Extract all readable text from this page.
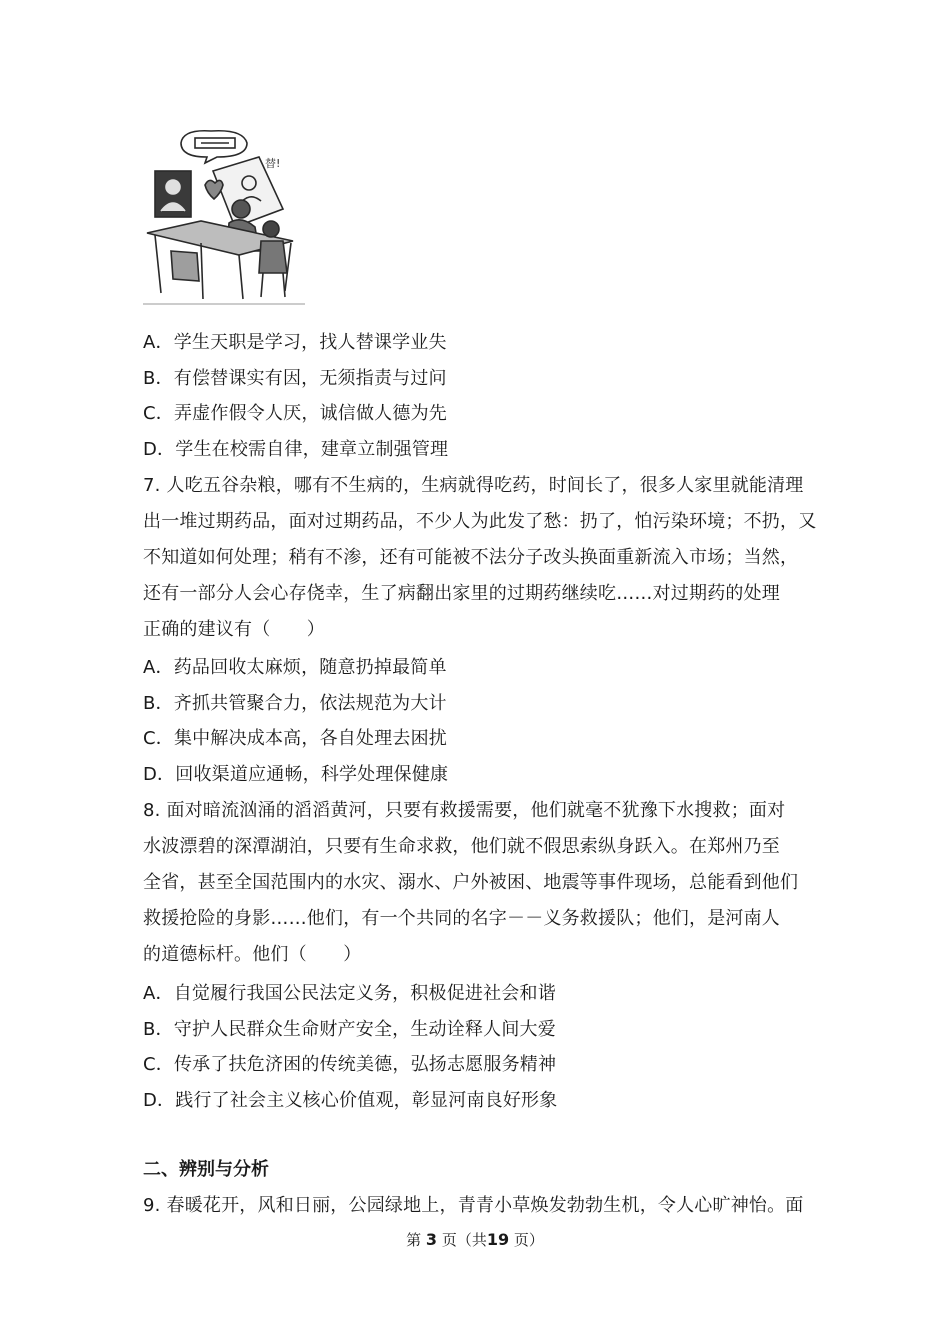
替!
A．学生天职是学习，找人替课学业失
B．有偿替课实有因，无须指责与过问
C．弄虚作假令人厌，诚信做人德为先
D．学生在校需自律，建章立制强管理
7. 人吃五谷杂粮，哪有不生病的，生病就得吃药，时间长了，很多人家里就能清理
出一堆过期药品，面对过期药品，不少人为此发了愁：扔了，怕污染环境；不扔，又
不知道如何处理；稍有不渗，还有可能被不法分子改头换面重新流入市场；当然，
还有一部分人会心存侥幸，生了病翻出家里的过期药继续吃……对过期药的处理
正确的建议有（　　）
A．药品回收太麻烦，随意扔掉最简单
B．齐抓共管聚合力，依法规范为大计
C．集中解决成本高，各自处理去困扰
D．回收渠道应通畅，科学处理保健康
8. 面对暗流汹涌的滔滔黄河，只要有救援需要，他们就毫不犹豫下水搜救；面对
水波漂碧的深潭湖泊，只要有生命求救，他们就不假思索纵身跃入。在郑州乃至
全省，甚至全国范围内的水灾、溺水、户外被困、地震等事件现场，总能看到他们
救援抢险的身影……他们，有一个共同的名字－－义务救援队；他们，是河南人
的道德标杆。他们（　　）
A．自觉履行我国公民法定义务，积极促进社会和谐
B．守护人民群众生命财产安全，生动诠释人间大爱
C．传承了扶危济困的传统美德，弘扬志愿服务精神
D．践行了社会主义核心价值观，彰显河南良好形象
二、辨别与分析
9. 春暖花开，风和日丽，公园绿地上，青青小草焕发勃勃生机，令人心旷神怡。面
第 3 页（共19 页）
